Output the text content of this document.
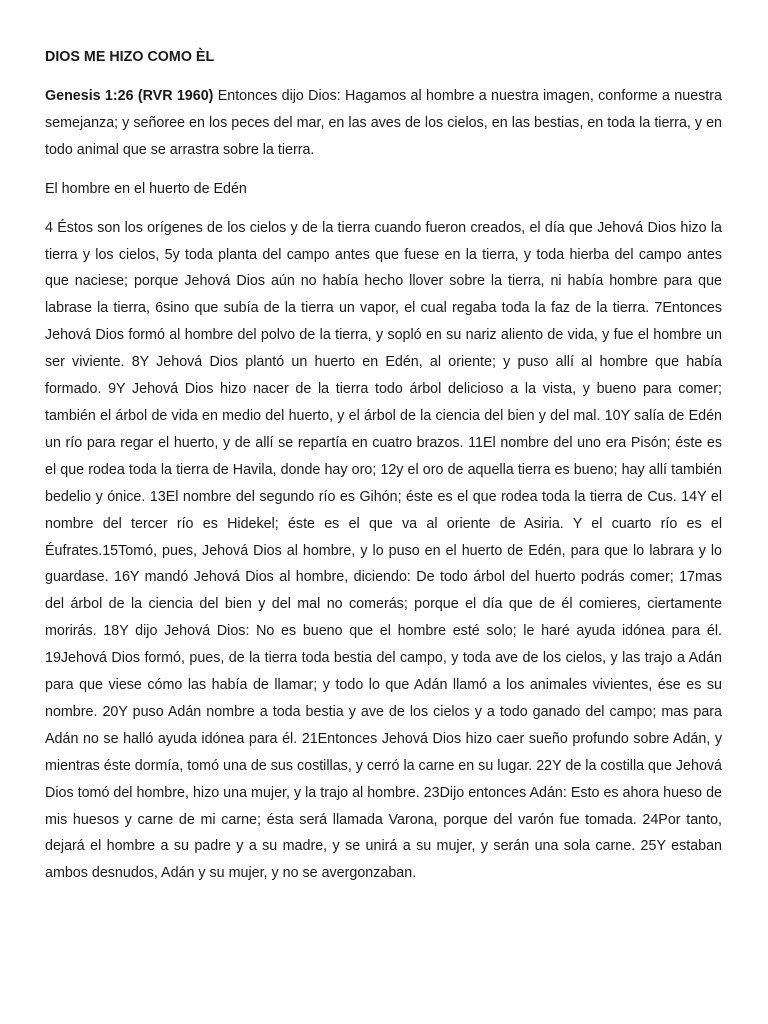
DIOS ME HIZO COMO ÈL

Genesis 1:26 (RVR 1960) Entonces dijo Dios: Hagamos al hombre a nuestra imagen, conforme a nuestra semejanza; y señoree en los peces del mar, en las aves de los cielos, en las bestias, en toda la tierra, y en todo animal que se arrastra sobre la tierra.

El hombre en el huerto de Edén

4 Éstos son los orígenes de los cielos y de la tierra cuando fueron creados, el día que Jehová Dios hizo la tierra y los cielos, 5y toda planta del campo antes que fuese en la tierra, y toda hierba del campo antes que naciese; porque Jehová Dios aún no había hecho llover sobre la tierra, ni había hombre para que labrase la tierra, 6sino que subía de la tierra un vapor, el cual regaba toda la faz de la tierra. 7Entonces Jehová Dios formó al hombre del polvo de la tierra, y sopló en su nariz aliento de vida, y fue el hombre un ser viviente. 8Y Jehová Dios plantó un huerto en Edén, al oriente; y puso allí al hombre que había formado. 9Y Jehová Dios hizo nacer de la tierra todo árbol delicioso a la vista, y bueno para comer; también el árbol de vida en medio del huerto, y el árbol de la ciencia del bien y del mal. 10Y salía de Edén un río para regar el huerto, y de allí se repartía en cuatro brazos. 11El nombre del uno era Pisón; éste es el que rodea toda la tierra de Havila, donde hay oro; 12y el oro de aquella tierra es bueno; hay allí también bedelio y ónice. 13El nombre del segundo río es Gihón; éste es el que rodea toda la tierra de Cus. 14Y el nombre del tercer río es Hidekel; éste es el que va al oriente de Asiria. Y el cuarto río es el Éufrates.15Tomó, pues, Jehová Dios al hombre, y lo puso en el huerto de Edén, para que lo labrara y lo guardase. 16Y mandó Jehová Dios al hombre, diciendo: De todo árbol del huerto podrás comer; 17mas del árbol de la ciencia del bien y del mal no comerás; porque el día que de él comieres, ciertamente morirás. 18Y dijo Jehová Dios: No es bueno que el hombre esté solo; le haré ayuda idónea para él. 19Jehová Dios formó, pues, de la tierra toda bestia del campo, y toda ave de los cielos, y las trajo a Adán para que viese cómo las había de llamar; y todo lo que Adán llamó a los animales vivientes, ése es su nombre. 20Y puso Adán nombre a toda bestia y ave de los cielos y a todo ganado del campo; mas para Adán no se halló ayuda idónea para él. 21Entonces Jehová Dios hizo caer sueño profundo sobre Adán, y mientras éste dormía, tomó una de sus costillas, y cerró la carne en su lugar. 22Y de la costilla que Jehová Dios tomó del hombre, hizo una mujer, y la trajo al hombre. 23Dijo entonces Adán: Esto es ahora hueso de mis huesos y carne de mi carne; ésta será llamada Varona, porque del varón fue tomada. 24Por tanto, dejará el hombre a su padre y a su madre, y se unirá a su mujer, y serán una sola carne. 25Y estaban ambos desnudos, Adán y su mujer, y no se avergonzaban.
